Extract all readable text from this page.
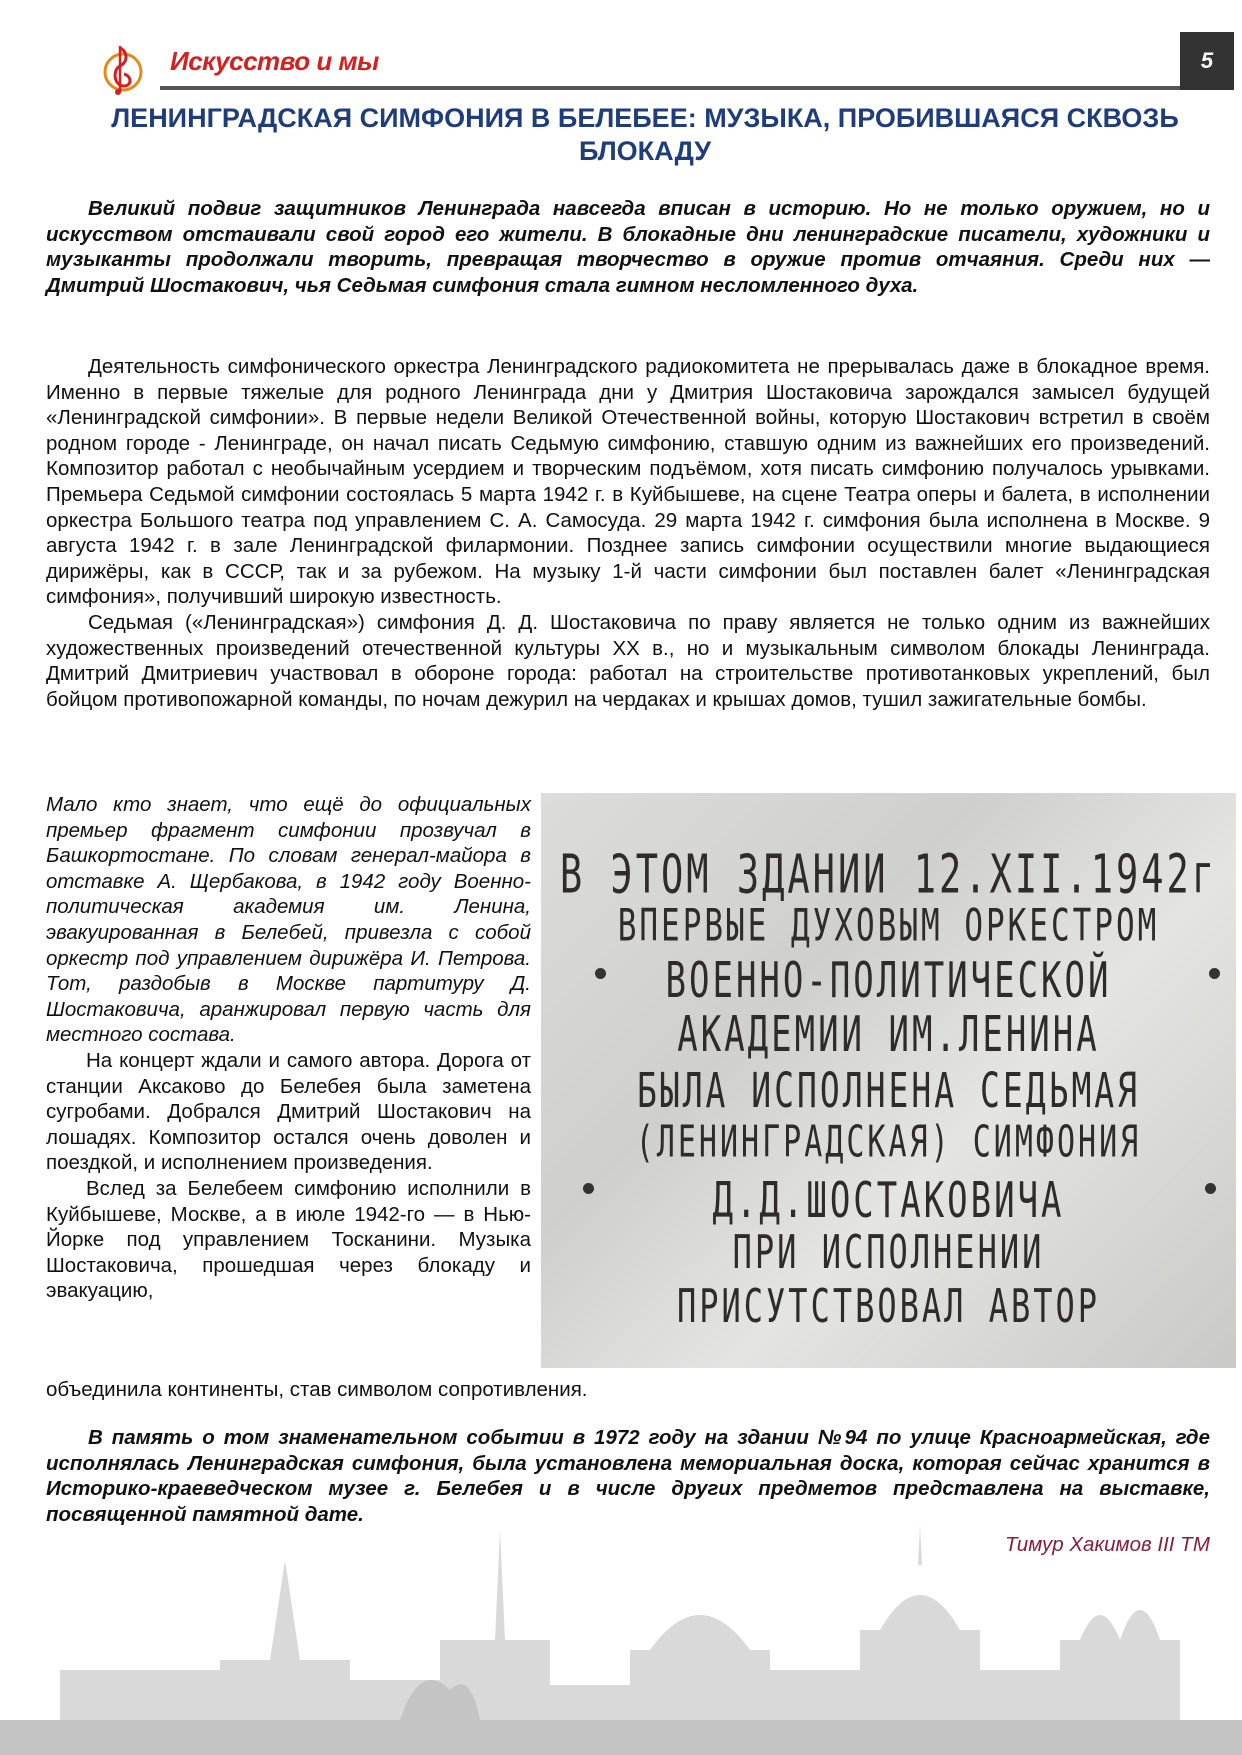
Искусство и мы	5
ЛЕНИНГРАДСКАЯ СИМФОНИЯ В БЕЛЕБЕЕ: МУЗЫКА, ПРОБИВШАЯСЯ СКВОЗЬ БЛОКАДУ

Великий подвиг защитников Ленинграда навсегда вписан в историю. Но не только оружием, но и искусством отстаивали свой город его жители. В блокадные дни ленинградские писатели, художники и музыканты продолжали творить, превращая творчество в оружие против отчаяния. Среди них — Дмитрий Шостакович, чья Седьмая симфония стала гимном несломленного духа.

Деятельность симфонического оркестра Ленинградского радиокомитета не прерывалась даже в блокадное время. Именно в первые тяжелые для родного Ленинграда дни у Дмитрия Шостаковича зарождался замысел будущей «Ленинградской симфонии». В первые недели Великой Отечественной войны, которую Шостакович встретил в своём родном городе - Ленинграде, он начал писать Седьмую симфонию, ставшую одним из важнейших его произведений. Композитор работал с необычайным усердием и творческим подъёмом, хотя писать симфонию получалось урывками. Премьера Седьмой симфонии состоялась 5 марта 1942 г. в Куйбышеве, на сцене Театра оперы и балета, в исполнении оркестра Большого театра под управлением С. А. Самосуда. 29 марта 1942 г. симфония была исполнена в Москве. 9 августа 1942 г. в зале Ленинградской филармонии. Позднее запись симфонии осуществили многие выдающиеся дирижёры, как в СССР, так и за рубежом. На музыку 1-й части симфонии был поставлен балет «Ленинградская симфония», получивший широкую известность.

Седьмая («Ленинградская») симфония Д. Д. Шостаковича по праву является не только одним из важнейших художественных произведений отечественной культуры XX в., но и музыкальным символом блокады Ленинграда. Дмитрий Дмитриевич участвовал в обороне города: работал на строительстве противотанковых укреплений, был бойцом противопожарной команды, по ночам дежурил на чердаках и крышах домов, тушил зажигательные бомбы.

Мало кто знает, что ещё до официальных премьер фрагмент симфонии прозвучал в Башкортостане. По словам генерал-майора в отставке А. Щербакова, в 1942 году Военно-политическая академия им. Ленина, эвакуированная в Белебей, привезла с собой оркестр под управлением дирижёра И. Петрова. Тот, раздобыв в Москве партитуру Д. Шостаковича, аранжировал первую часть для местного состава.

На концерт ждали и самого автора. Дорога от станции Аксаково до Белебея была заметена сугробами. Добрался Дмитрий Шостакович на лошадях. Композитор остался очень доволен и поездкой, и исполнением произведения.

Вслед за Белебеем симфонию исполнили в Куйбышеве, Москве, а в июле 1942-го — в Нью-Йорке под управлением Тосканини. Музыка Шостаковича, прошедшая через блокаду и эвакуацию,

объединила континенты, став символом сопротивления.

В ЭТОМ ЗДАНИИ 12.XII.1942г
ВПЕРВЫЕ ДУХОВЫМ ОРКЕСТРОМ
ВОЕННО-ПОЛИТИЧЕСКОЙ
АКАДЕМИИ ИМ.ЛЕНИНА
БЫЛА ИСПОЛНЕНА СЕДЬМАЯ
(ЛЕНИНГРАДСКАЯ) СИМФОНИЯ
Д.Д.ШОСТАКОВИЧА
ПРИ ИСПОЛНЕНИИ
ПРИСУТСТВОВАЛ АВТОР

В память о том знаменательном событии в 1972 году на здании №94 по улице Красноармейская, где исполнялась Ленинградская симфония, была установлена мемориальная доска, которая сейчас хранится в Историко-краеведческом музее г. Белебея и в числе других предметов представлена на выставке, посвященной памятной дате.

Тимур Хакимов III ТМ
